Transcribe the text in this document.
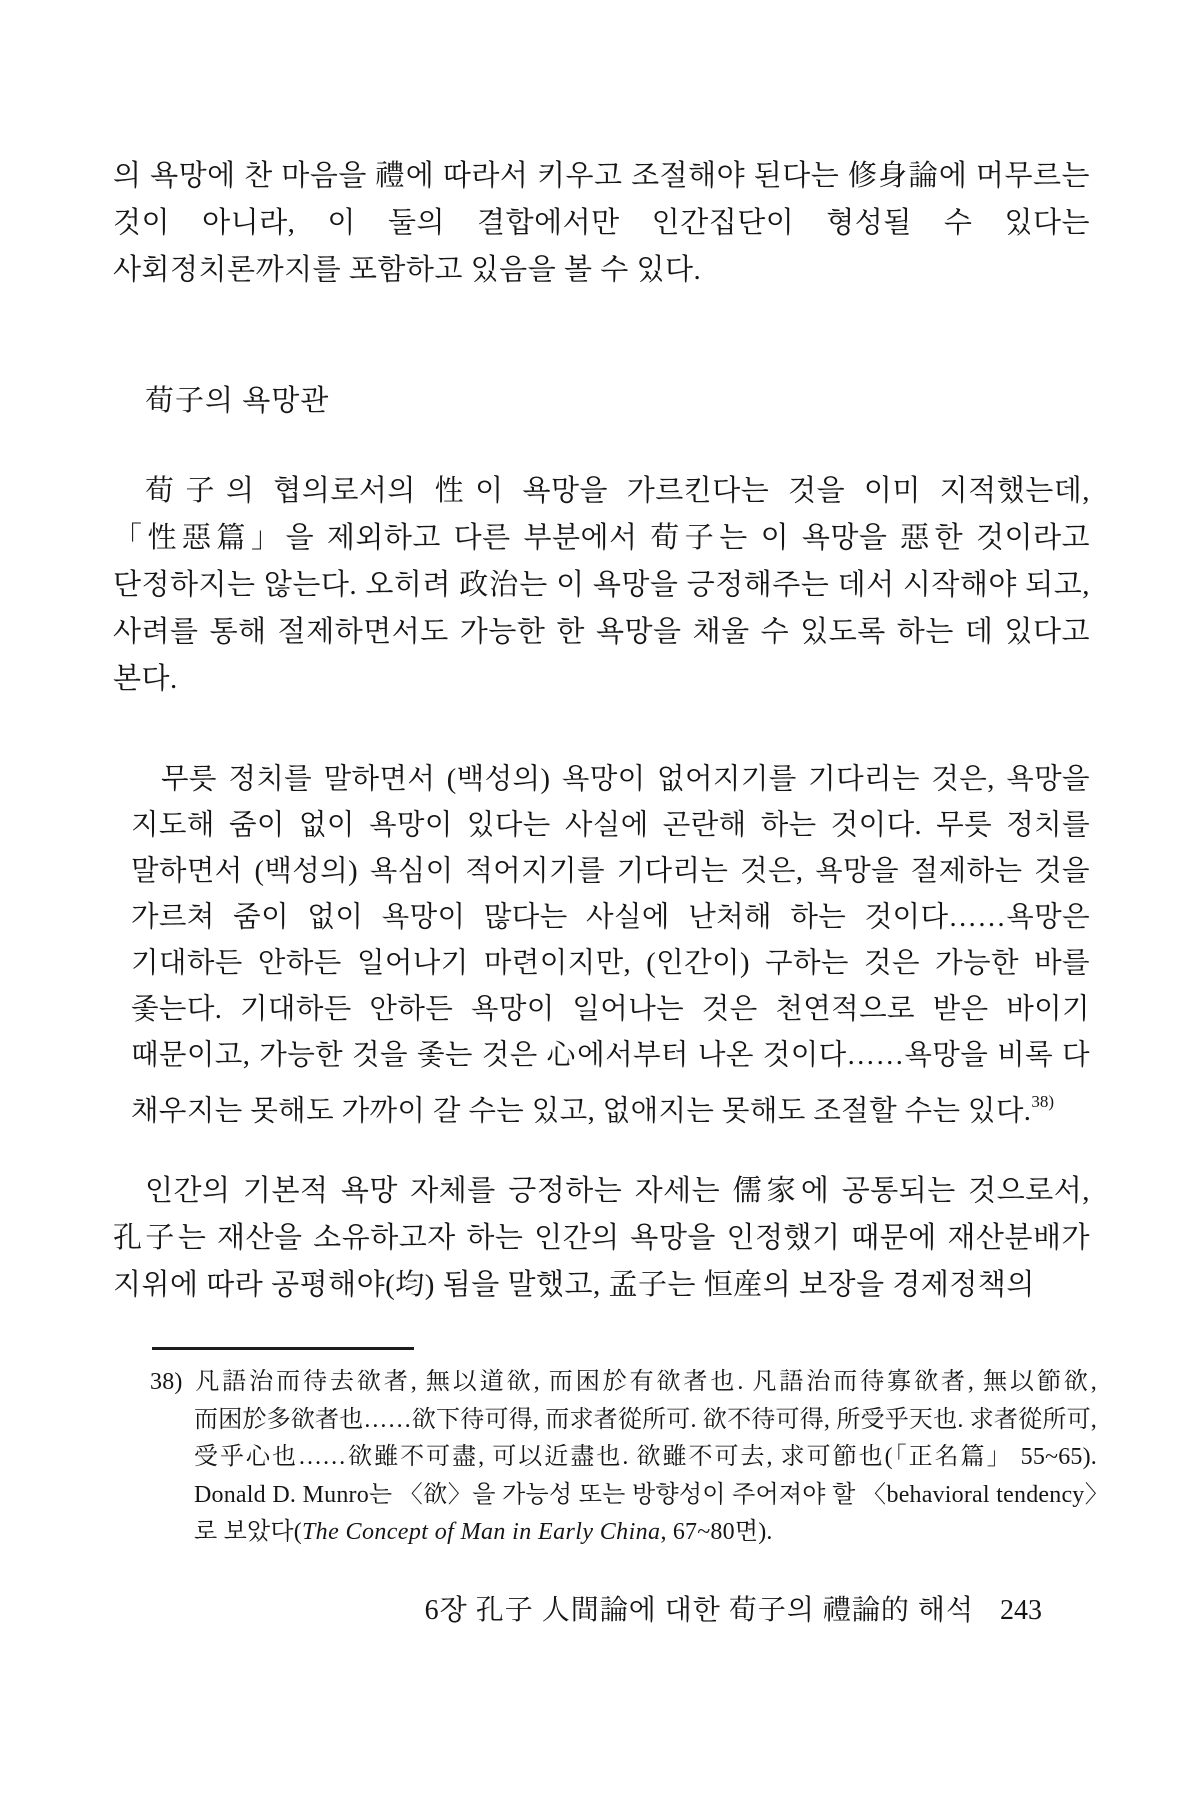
의 욕망에 찬 마음을 禮에 따라서 키우고 조절해야 된다는 修身論에 머무르는 것이 아니라, 이 둘의 결합에서만 인간집단이 형성될 수 있다는 사회정치론까지를 포함하고 있음을 볼 수 있다.

荀子의 욕망관

荀子의 협의로서의 性이 욕망을 가르킨다는 것을 이미 지적했는데, 「性惡篇」을 제외하고 다른 부분에서 荀子는 이 욕망을 惡한 것이라고 단정하지는 않는다. 오히려 政治는 이 욕망을 긍정해주는 데서 시작해야 되고, 사려를 통해 절제하면서도 가능한 한 욕망을 채울 수 있도록 하는 데 있다고 본다.

무릇 정치를 말하면서 (백성의) 욕망이 없어지기를 기다리는 것은, 욕망을 지도해 줌이 없이 욕망이 있다는 사실에 곤란해 하는 것이다. 무릇 정치를 말하면서 (백성의) 욕심이 적어지기를 기다리는 것은, 욕망을 절제하는 것을 가르쳐 줌이 없이 욕망이 많다는 사실에 난처해 하는 것이다……욕망은 기대하든 안하든 일어나기 마련이지만, (인간이) 구하는 것은 가능한 바를 좇는다. 기대하든 안하든 욕망이 일어나는 것은 천연적으로 받은 바이기 때문이고, 가능한 것을 좇는 것은 心에서부터 나온 것이다……욕망을 비록 다 채우지는 못해도 가까이 갈 수는 있고, 없애지는 못해도 조절할 수는 있다.$^{38)}$

인간의 기본적 욕망 자체를 긍정하는 자세는 儒家에 공통되는 것으로서, 孔子는 재산을 소유하고자 하는 인간의 욕망을 인정했기 때문에 재산분배가 지위에 따라 공평해야(均) 됨을 말했고, 孟子는 恒産의 보장을 경제정책의

38) 凡語治而待去欲者, 無以道欲, 而困於有欲者也. 凡語治而待寡欲者, 無以節欲, 而困於多欲者也……欲下待可得, 而求者從所可. 欲不待可得, 所受乎天也. 求者從所可, 受乎心也……欲雖不可盡, 可以近盡也. 欲雖不可去, 求可節也(「正名篇」 55~65). Donald D. Munro는 〈欲〉을 가능성 또는 방향성이 주어져야 할 〈behavioral tendency〉로 보았다(The Concept of Man in Early China, 67~80면).

6장 孔子 人間論에 대한 荀子의 禮論的 해석 243
